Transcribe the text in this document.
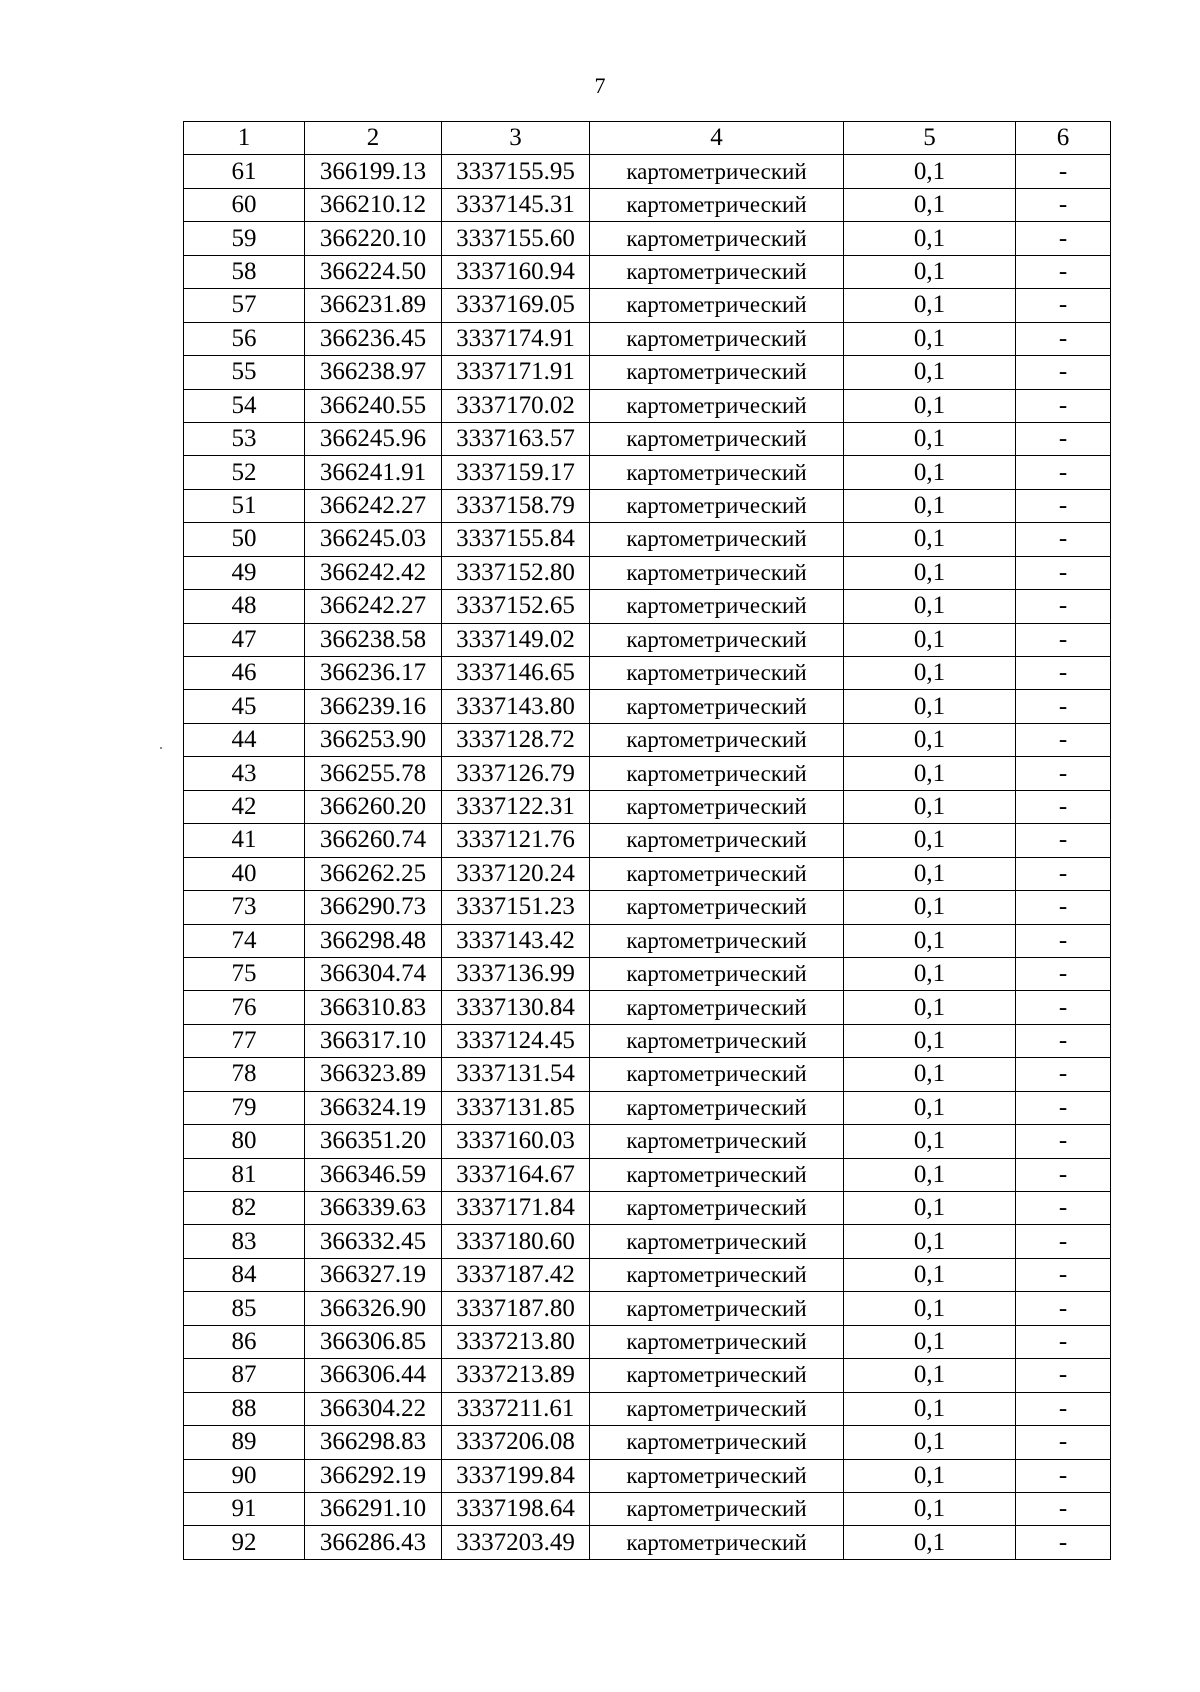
7
1	2	3	4	5	6
61	366199.13	3337155.95	картометрический	0,1	-
60	366210.12	3337145.31	картометрический	0,1	-
59	366220.10	3337155.60	картометрический	0,1	-
58	366224.50	3337160.94	картометрический	0,1	-
57	366231.89	3337169.05	картометрический	0,1	-
56	366236.45	3337174.91	картометрический	0,1	-
55	366238.97	3337171.91	картометрический	0,1	-
54	366240.55	3337170.02	картометрический	0,1	-
53	366245.96	3337163.57	картометрический	0,1	-
52	366241.91	3337159.17	картометрический	0,1	-
51	366242.27	3337158.79	картометрический	0,1	-
50	366245.03	3337155.84	картометрический	0,1	-
49	366242.42	3337152.80	картометрический	0,1	-
48	366242.27	3337152.65	картометрический	0,1	-
47	366238.58	3337149.02	картометрический	0,1	-
46	366236.17	3337146.65	картометрический	0,1	-
45	366239.16	3337143.80	картометрический	0,1	-
44	366253.90	3337128.72	картометрический	0,1	-
43	366255.78	3337126.79	картометрический	0,1	-
42	366260.20	3337122.31	картометрический	0,1	-
41	366260.74	3337121.76	картометрический	0,1	-
40	366262.25	3337120.24	картометрический	0,1	-
73	366290.73	3337151.23	картометрический	0,1	-
74	366298.48	3337143.42	картометрический	0,1	-
75	366304.74	3337136.99	картометрический	0,1	-
76	366310.83	3337130.84	картометрический	0,1	-
77	366317.10	3337124.45	картометрический	0,1	-
78	366323.89	3337131.54	картометрический	0,1	-
79	366324.19	3337131.85	картометрический	0,1	-
80	366351.20	3337160.03	картометрический	0,1	-
81	366346.59	3337164.67	картометрический	0,1	-
82	366339.63	3337171.84	картометрический	0,1	-
83	366332.45	3337180.60	картометрический	0,1	-
84	366327.19	3337187.42	картометрический	0,1	-
85	366326.90	3337187.80	картометрический	0,1	-
86	366306.85	3337213.80	картометрический	0,1	-
87	366306.44	3337213.89	картометрический	0,1	-
88	366304.22	3337211.61	картометрический	0,1	-
89	366298.83	3337206.08	картометрический	0,1	-
90	366292.19	3337199.84	картометрический	0,1	-
91	366291.10	3337198.64	картометрический	0,1	-
92	366286.43	3337203.49	картометрический	0,1	-
